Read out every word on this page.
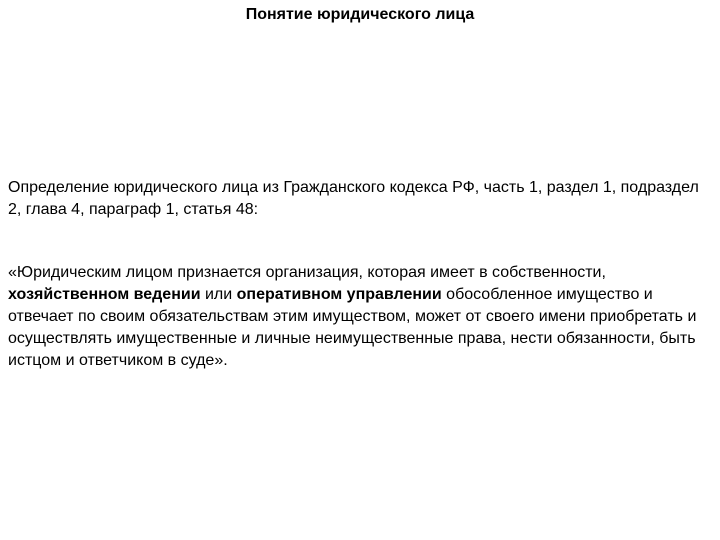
Понятие юридического лица

Определение юридического лица из Гражданского кодекса РФ, часть 1, раздел 1, подраздел 2, глава 4, параграф 1, статья 48:

«Юридическим лицом признается организация, которая имеет в собственности, хозяйственном ведении или оперативном управлении обособленное имущество и отвечает по своим обязательствам этим имуществом, может от своего имени приобретать и осуществлять имущественные и личные неимущественные права, нести обязанности, быть истцом и ответчиком в суде».
